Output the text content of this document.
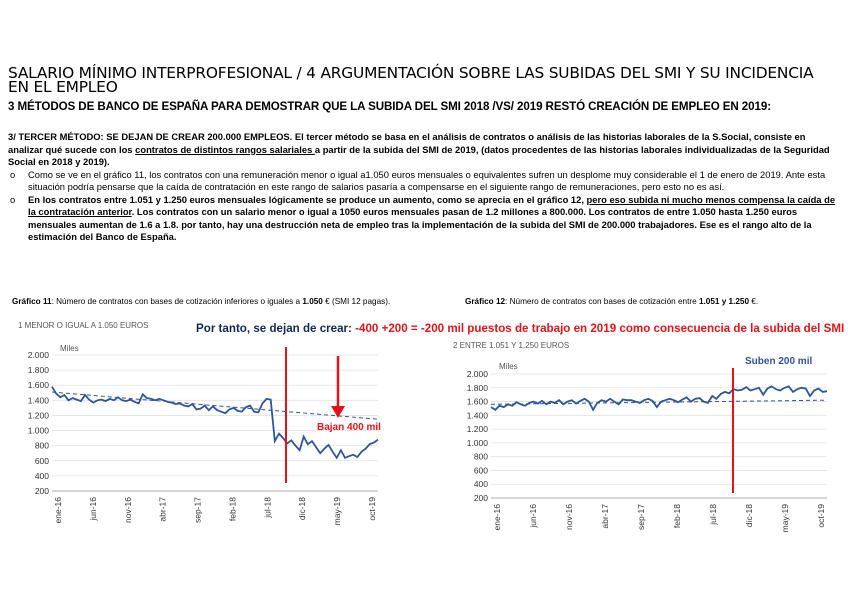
SALARIO MÍNIMO INTERPROFESIONAL / 4 ARGUMENTACIÓN SOBRE LAS SUBIDAS DEL SMI Y SU INCIDENCIA EN EL EMPLEO
3 MÉTODOS DE BANCO DE ESPAÑA PARA DEMOSTRAR QUE LA SUBIDA DEL SMI 2018 /VS/ 2019 RESTÓ CREACIÓN DE EMPLEO EN 2019:

3/ TERCER MÉTODO: SE DEJAN DE CREAR 200.000 EMPLEOS. El tercer método se basa en el análisis de contratos o análisis de las historias laborales de la S.Social, consiste en analizar qué sucede con los contratos de distintos rangos salariales a partir de la subida del SMI de 2019, (datos procedentes de las historias laborales individualizadas de la Seguridad Social en 2018 y 2019).

o Como se ve en el gráfico 11, los contratos con una remuneración menor o igual a1.050 euros mensuales o equivalentes sufren un desplome muy considerable el 1 de enero de 2019. Ante esta situación podría pensarse que la caída de contratación en este rango de salarios pasaría a compensarse en el siguiente rango de remuneraciones, pero esto no es así.
o En los contratos entre 1.051 y 1.250 euros mensuales lógicamente se produce un aumento, como se aprecia en el gráfico 12, pero eso subida ni mucho menos compensa la caída de la contratación anterior. Los contratos con un salario menor o igual a 1050 euros mensuales pasan de 1.2 millones a 800.000. Los contratos de entre 1.050 hasta 1.250 euros mensuales aumentan de 1.6 a 1.8. por tanto, hay una destrucción neta de empleo tras la implementación de la subida del SMI de 200.000 trabajadores. Ese es el rango alto de la estimación del Banco de España.
Gráfico 11: Número de contratos con bases de cotización inferiores o iguales a 1.050 € (SMI 12 pagas).	Gráfico 12: Número de contratos con bases de cotización entre 1.051 y 1.250 €.
Por tanto, se dejan de crear: -400 +200 = -200 mil puestos de trabajo en 2019 como consecuencia de la subida del SMI
1 MENOR O IGUAL A 1.050 EUROS
Miles
2.000
1.800
1.600
1.400
1.200
1.000
800
600
400
200
ene-16	jun-16	nov-16	abr-17	sep-17	feb-18	jul-18	dic-18	may-19	oct-19
Bajan 400 mil
2 ENTRE 1.051 Y 1.250 EUROS
Miles
2.000
1.800
1.600
1.400
1.200
1.000
800
600
400
200
ene-16	jun-16	nov-16	abr-17	sep-17	feb-18	jul-18	dic-18	may-19	oct-19
Suben 200 mil
